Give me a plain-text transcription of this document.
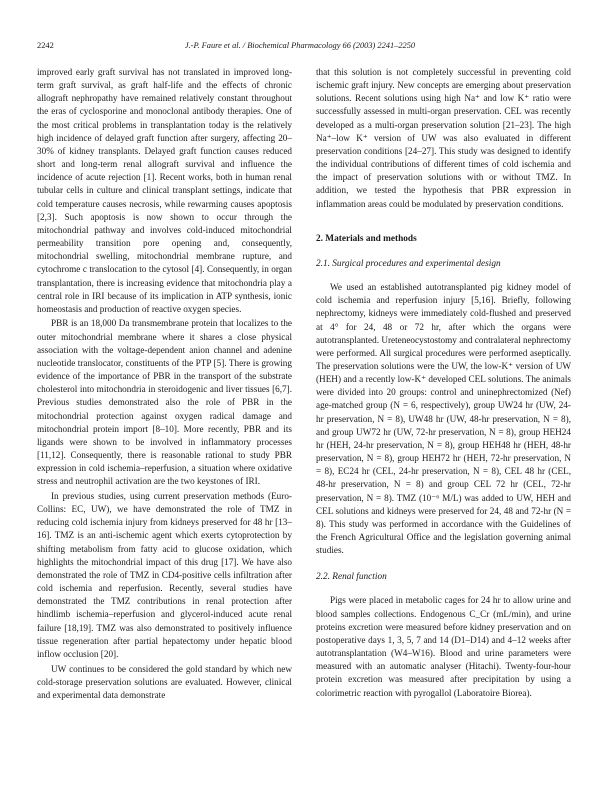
2242	J.-P. Faure et al. / Biochemical Pharmacology 66 (2003) 2241–2250

improved early graft survival has not translated in improved long-term graft survival, as graft half-life and the effects of chronic allograft nephropathy have remained relatively constant throughout the eras of cyclosporine and monoclonal antibody therapies. One of the most critical problems in transplantation today is the relatively high incidence of delayed graft function after surgery, affecting 20–30% of kidney transplants. Delayed graft function causes reduced short and long-term renal allograft survival and influence the incidence of acute rejection [1]. Recent works, both in human renal tubular cells in culture and clinical transplant settings, indicate that cold temperature causes necrosis, while rewarming causes apoptosis [2,3]. Such apoptosis is now shown to occur through the mitochondrial pathway and involves cold-induced mitochondrial permeability transition pore opening and, consequently, mitochondrial swelling, mitochondrial membrane rupture, and cytochrome c translocation to the cytosol [4]. Consequently, in organ transplantation, there is increasing evidence that mitochondria play a central role in IRI because of its implication in ATP synthesis, ionic homeostasis and production of reactive oxygen species.

PBR is an 18,000 Da transmembrane protein that localizes to the outer mitochondrial membrane where it shares a close physical association with the voltage-dependent anion channel and adenine nucleotide translocator, constituents of the PTP [5]. There is growing evidence of the importance of PBR in the transport of the substrate cholesterol into mitochondria in steroidogenic and liver tissues [6,7]. Previous studies demonstrated also the role of PBR in the mitochondrial protection against oxygen radical damage and mitochondrial protein import [8–10]. More recently, PBR and its ligands were shown to be involved in inflammatory processes [11,12]. Consequently, there is reasonable rational to study PBR expression in cold ischemia–reperfusion, a situation where oxidative stress and neutrophil activation are the two keystones of IRI.

In previous studies, using current preservation methods (Euro-Collins: EC, UW), we have demonstrated the role of TMZ in reducing cold ischemia injury from kidneys preserved for 48 hr [13–16]. TMZ is an anti-ischemic agent which exerts cytoprotection by shifting metabolism from fatty acid to glucose oxidation, which highlights the mitochondrial impact of this drug [17]. We have also demonstrated the role of TMZ in CD4-positive cells infiltration after cold ischemia and reperfusion. Recently, several studies have demonstrated the TMZ contributions in renal protection after hindlimb ischemia–reperfusion and glycerol-induced acute renal failure [18,19]. TMZ was also demonstrated to positively influence tissue regeneration after partial hepatectomy under hepatic blood inflow occlusion [20].

UW continues to be considered the gold standard by which new cold-storage preservation solutions are evaluated. However, clinical and experimental data demonstrate

that this solution is not completely successful in preventing cold ischemic graft injury. New concepts are emerging about preservation solutions. Recent solutions using high Na⁺ and low K⁺ ratio were successfully assessed in multi-organ preservation. CEL was recently developed as a multi-organ preservation solution [21–23]. The high Na⁺–low K⁺ version of UW was also evaluated in different preservation conditions [24–27]. This study was designed to identify the individual contributions of different times of cold ischemia and the impact of preservation solutions with or without TMZ. In addition, we tested the hypothesis that PBR expression in inflammation areas could be modulated by preservation conditions.

2. Materials and methods
2.1. Surgical procedures and experimental design

We used an established autotransplanted pig kidney model of cold ischemia and reperfusion injury [5,16]. Briefly, following nephrectomy, kidneys were immediately cold-flushed and preserved at 4° for 24, 48 or 72 hr, after which the organs were autotransplanted. Ureteneocystostomy and contralateral nephrectomy were performed. All surgical procedures were performed aseptically. The preservation solutions were the UW, the low-K⁺ version of UW (HEH) and a recently low-K⁺ developed CEL solutions. The animals were divided into 20 groups: control and uninephrectomized (Nef) age-matched group (N = 6, respectively), group UW24 hr (UW, 24-hr preservation, N = 8), UW48 hr (UW, 48-hr preservation, N = 8), and group UW72 hr (UW, 72-hr preservation, N = 8), group HEH24 hr (HEH, 24-hr preservation, N = 8), group HEH48 hr (HEH, 48-hr preservation, N = 8), group HEH72 hr (HEH, 72-hr preservation, N = 8), EC24 hr (CEL, 24-hr preservation, N = 8), CEL 48 hr (CEL, 48-hr preservation, N = 8) and group CEL 72 hr (CEL, 72-hr preservation, N = 8). TMZ (10⁻⁶ M/L) was added to UW, HEH and CEL solutions and kidneys were preserved for 24, 48 and 72-hr (N = 8). This study was performed in accordance with the Guidelines of the French Agricultural Office and the legislation governing animal studies.

2.2. Renal function

Pigs were placed in metabolic cages for 24 hr to allow urine and blood samples collections. Endogenous C_Cr (mL/min), and urine proteins excretion were measured before kidney preservation and on postoperative days 1, 3, 5, 7 and 14 (D1–D14) and 4–12 weeks after autotransplantation (W4–W16). Blood and urine parameters were measured with an automatic analyser (Hitachi). Twenty-four-hour protein excretion was measured after precipitation by using a colorimetric reaction with pyrogallol (Laboratoire Biorea).
